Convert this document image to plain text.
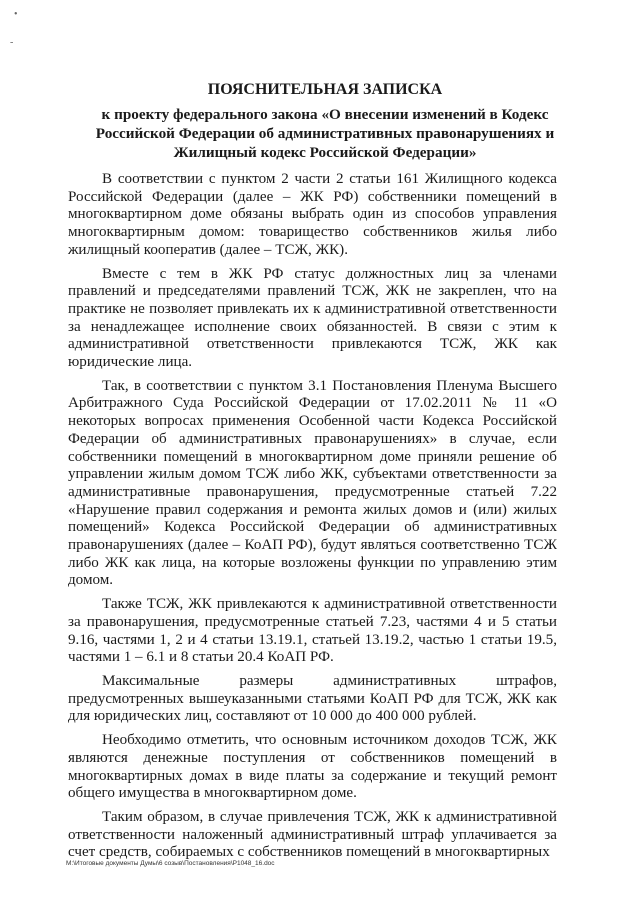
•
-
ПОЯСНИТЕЛЬНАЯ ЗАПИСКА
к проекту федерального закона «О внесении изменений в Кодекс
Российской Федерации об административных правонарушениях и
Жилищный кодекс Российской Федерации»

В соответствии с пунктом 2 части 2 статьи 161 Жилищного кодекса Российской Федерации (далее – ЖК РФ) собственники помещений в многоквартирном доме обязаны выбрать один из способов управления многоквартирным домом: товарищество собственников жилья либо жилищный кооператив (далее – ТСЖ, ЖК).

Вместе с тем в ЖК РФ статус должностных лиц за членами правлений и председателями правлений ТСЖ, ЖК не закреплен, что на практике не позволяет привлекать их к административной ответственности за ненадлежащее исполнение своих обязанностей. В связи с этим к административной ответственности привлекаются ТСЖ, ЖК как юридические лица.

Так, в соответствии с пунктом 3.1 Постановления Пленума Высшего Арбитражного Суда Российской Федерации от 17.02.2011 № 11 «О некоторых вопросах применения Особенной части Кодекса Российской Федерации об административных правонарушениях» в случае, если собственники помещений в многоквартирном доме приняли решение об управлении жилым домом ТСЖ либо ЖК, субъектами ответственности за административные правонарушения, предусмотренные статьей 7.22 «Нарушение правил содержания и ремонта жилых домов и (или) жилых помещений» Кодекса Российской Федерации об административных правонарушениях (далее – КоАП РФ), будут являться соответственно ТСЖ либо ЖК как лица, на которые возложены функции по управлению этим домом.

Также ТСЖ, ЖК привлекаются к административной ответственности за правонарушения, предусмотренные статьей 7.23, частями 4 и 5 статьи 9.16, частями 1, 2 и 4 статьи 13.19.1, статьей 13.19.2, частью 1 статьи 19.5, частями 1 – 6.1 и 8 статьи 20.4 КоАП РФ.

Максимальные размеры административных штрафов, предусмотренных вышеуказанными статьями КоАП РФ для ТСЖ, ЖК как для юридических лиц, составляют от 10 000 до 400 000 рублей.

Необходимо отметить, что основным источником доходов ТСЖ, ЖК являются денежные поступления от собственников помещений в многоквартирных домах в виде платы за содержание и текущий ремонт общего имущества в многоквартирном доме.

Таким образом, в случае привлечения ТСЖ, ЖК к административной ответственности наложенный административный штраф уплачивается за счет средств, собираемых с собственников помещений в многоквартирных

M:\Итоговые документы Думы\6 созыв\Постановления\P1048_16.doc
